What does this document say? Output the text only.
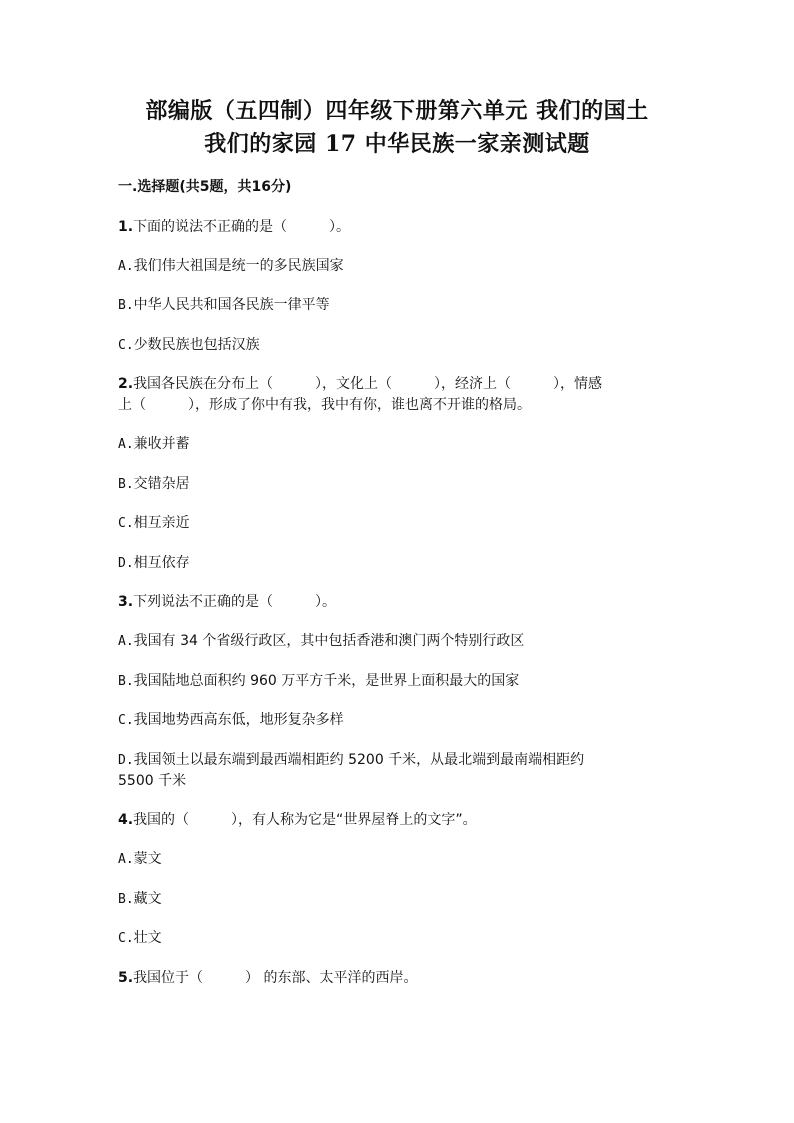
部编版（五四制）四年级下册第六单元 我们的国土
我们的家园 17 中华民族一家亲测试题
一.选择题(共5题，共16分)
1.下面的说法不正确的是（　　　）。
A.我们伟大祖国是统一的多民族国家
B.中华人民共和国各民族一律平等
C.少数民族也包括汉族
2.我国各民族在分布上（　　　），文化上（　　　），经济上（　　　），情感
上（　　　），形成了你中有我，我中有你，谁也离不开谁的格局。
A.兼收并蓄
B.交错杂居
C.相互亲近
D.相互依存
3.下列说法不正确的是（　　　）。
A.我国有 34 个省级行政区，其中包括香港和澳门两个特别行政区
B.我国陆地总面积约 960 万平方千米，是世界上面积最大的国家
C.我国地势西高东低，地形复杂多样
D.我国领土以最东端到最西端相距约 5200 千米，从最北端到最南端相距约
5500 千米
4.我国的（　　　），有人称为它是“世界屋脊上的文字”。
A.蒙文
B.藏文
C.壮文
5.我国位于（　　　） 的东部、太平洋的西岸。
